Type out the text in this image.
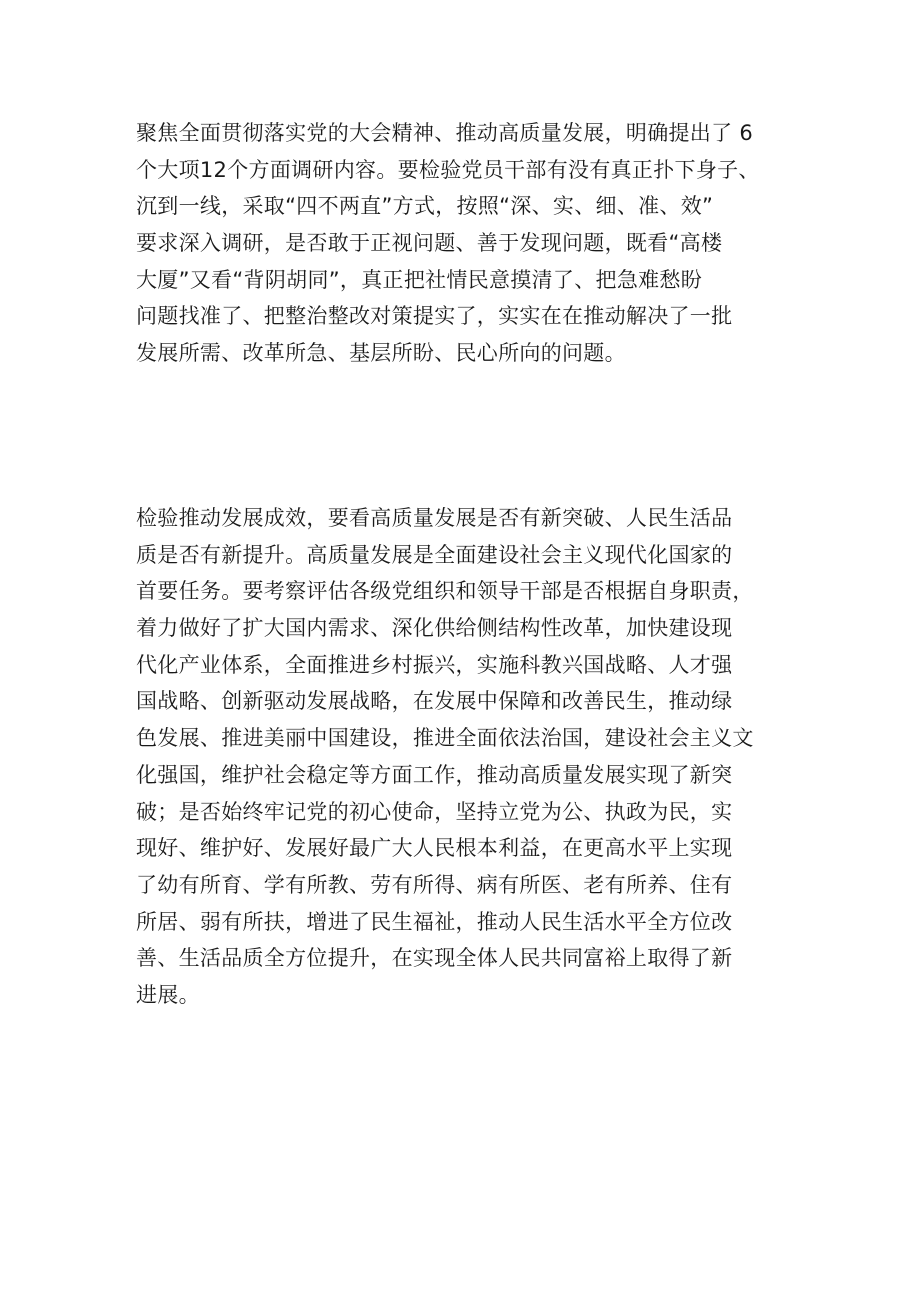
聚焦全面贯彻落实党的大会精神、推动高质量发展，明确提出了 6
个大项12个方面调研内容。要检验党员干部有没有真正扑下身子、
沉到一线，采取“四不两直”方式，按照“深、实、细、准、效”
要求深入调研，是否敢于正视问题、善于发现问题，既看“高楼
大厦”又看“背阴胡同”，真正把社情民意摸清了、把急难愁盼
问题找准了、把整治整改对策提实了，实实在在推动解决了一批
发展所需、改革所急、基层所盼、民心所向的问题。
检验推动发展成效，要看高质量发展是否有新突破、人民生活品
质是否有新提升。高质量发展是全面建设社会主义现代化国家的
首要任务。要考察评估各级党组织和领导干部是否根据自身职责，
着力做好了扩大国内需求、深化供给侧结构性改革，加快建设现
代化产业体系，全面推进乡村振兴，实施科教兴国战略、人才强
国战略、创新驱动发展战略，在发展中保障和改善民生，推动绿
色发展、推进美丽中国建设，推进全面依法治国，建设社会主义文
化强国，维护社会稳定等方面工作，推动高质量发展实现了新突
破；是否始终牢记党的初心使命，坚持立党为公、执政为民，实
现好、维护好、发展好最广大人民根本利益，在更高水平上实现
了幼有所育、学有所教、劳有所得、病有所医、老有所养、住有
所居、弱有所扶，增进了民生福祉，推动人民生活水平全方位改
善、生活品质全方位提升，在实现全体人民共同富裕上取得了新
进展。
